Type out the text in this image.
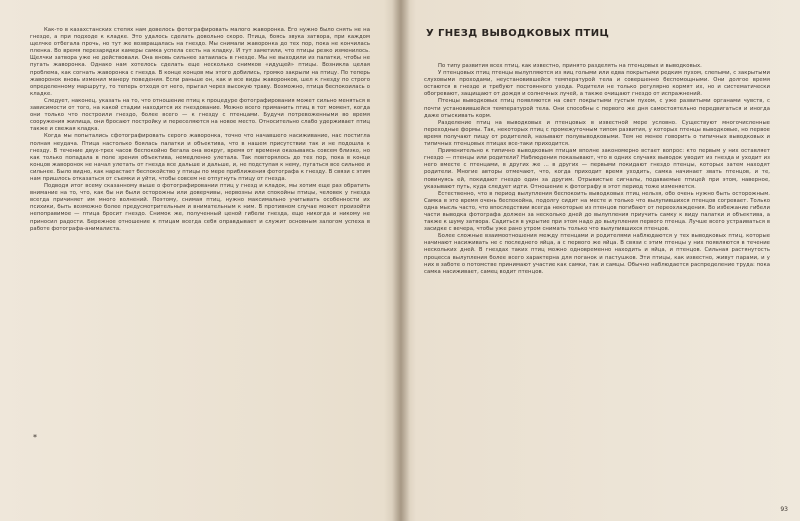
Как-то в казахстанских степях нам довелось фотографировать малого жаворонка. Его нужно было снять не на гнезде, а при подходе к кладке. Это удалось сделать довольно скоро. Птица, боясь звука затвора, при каждом щелчке отбегала прочь, но тут же возвращалась на гнездо. Мы снимали жаворонка до тех пор, пока не кончилась пленка. Во время перезарядки камеры самка успела сесть на кладку. И тут заметили, что птицы резко изменилось. Щелчки затвора уже не действовали. Она вновь сильнее затаилась в гнезде. Мы не выходили из палатки, чтобы не пугать жаворонка. Однако нам хотелось сделать еще несколько снимков «идущей» птицы. Возникла целая проблема, как согнать жаворонка с гнезда. В конце концов мы этого добились, громко закрыли на птицу. По теперь жаворонок вновь изменил манеру поведения. Если раньше он, как и все виды жаворонков, шел к гнезду по строго определенному маршруту, то теперь отходя от него, прыгал через высокую траву. Возможно, птица беспокоилась о кладке.

Следует, наконец, указать на то, что отношение птиц к процедуре фотографирования может сильно меняться в зависимости от того, на какой стадии находится их гнездование. Можно всего приманить птиц в тот момент, когда они только что построили гнездо, более всего — к гнезду с птенцами. Будучи потревоженными во время сооружения жилища, они бросают постройку и переселяются на новое место. Относительно слабо удерживает птиц также и свежая кладка.

Когда мы попытались сфотографировать серого жаворонка, точно что начавшего насиживание, нас постигла полная неудача. Птица настолько боялась палатки и объектива, что в нашем присутствии так и не подошла к гнезду. В течение двух-трех часов беспокойно бегала она вокруг, время от времени оказываясь совсем близко, но как только попадала в поле зрения объектива, немедленно улетала. Так повторялось до тех пор, пока в конце концов жаворонок не начал улетать от гнезда все дальше и дальше, и, не подступая к нему, пугаться все сильнее и сильнее. Было видно, как нарастает беспокойство у птицы по мере приближения фотографа к гнезду. В связи с этим нам пришлось отказаться от съемки и уйти, чтобы совсем не отпугнуть птицу от гнезда.

Подводя итог всему сказанному выше о фотографировании птиц у гнезд и кладок, мы хотим еще раз обратить внимание на то, что, как бы ни были осторожны или доверчивы, нервозны или спокойны птицы, человек у гнезда всегда причиняет им много волнений. Поэтому, снимая птиц, нужно максимально учитывать особенности их психики, быть возможно более предусмотрительным и внимательным к ним. В противном случае может произойти непоправимое — птица бросит гнездо. Снимок же, полученный ценой гибели гнезда, еще никогда и никому не приносил радости. Бережное отношение к птицам всегда себя оправдывает и служит основным залогом успеха в работе фотографа-анималиста.

*
У ГНЕЗД ВЫВОДКОВЫХ ПТИЦ

По типу развития всех птиц, как известно, принято разделять на птенцовых и выводковых.

У птенцовых птиц птенцы вылупляются из яиц голыми или едва покрытыми редким пухом, слепыми, с закрытыми слуховыми проходами, неустановившейся температурой тела и совершенно беспомощными. Они долгое время остаются в гнезде и требуют постоянного ухода. Родители не только регулярно кормят их, но и систематически обогревают, защищают от дождя и солнечных лучей, а также очищают гнездо от испражнений.

Птенцы выводковых птиц появляются на свет покрытыми густым пухом, с уже развитыми органами чувств, с почти установившейся температурой тела. Они способны с первого же дня самостоятельно передвигаться и иногда даже отыскивать корм.

Разделение птиц на выводковых и птенцовых в известной мере условно. Существуют многочисленные переходные формы. Так, некоторых птиц с промежуточным типом развития, у которых птенцы выводковые, но первое время получают пищу от родителей, называют полувыводковыми. Тем не менее говорить о типичных выводковых и типичных птенцовых птицах все-таки приходится.

Применительно к типично выводковым птицам вполне закономерно встает вопрос: кто первым у них оставляет гнездо — птенцы или родители? Наблюдения показывают, что в одних случаях выводок уводит из гнезда и уходит из него вместе с птенцами, в других же ... в других — первыми покидают гнездо птенцы, которых затем находят родители. Многие авторы отмечают, что, когда приходит время уходить, самка начинает звать птенцов, и те, повинуясь ей, покидают гнездо один за другим. Отрывистые сигналы, подаваемые птицей при этом, наверное, указывают путь, куда следует идти. Отношение к фотографу в этот период тоже изменяется.

Естественно, что в период вылупления беспокоить выводковых птиц нельзя, обо очень нужно быть осторожным. Самка в это время очень беспокойна, подолгу сидит на месте и только что вылупившихся птенцов согревает. Только одна мысль часто, что впоследствии всегда некоторые из птенцов погибают от переохлаждения. Во избежание гибели части выводка фотографа должен за несколько дней до вылупления приучить самку к виду палатки и объектива, а также к шуму затвора. Садиться в укрытие при этом надо до вылупления первого птенца. Лучше всего устраиваться в засидке с вечера, чтобы уже рано утром снимать только что вылупившихся птенцов.

Более сложные взаимоотношения между птенцами и родителями наблюдаются у тех выводковых птиц, которые начинают насиживать не с последнего яйца, а с первого же яйца. В связи с этим птенцы у них появляются в течение нескольких дней. В гнездах таких птиц можно одновременно находить и яйца, и птенцов. Сильная растянутость процесса вылупления более всего характерна для поганок и пастушков. Эти птицы, как известно, живут парами, и у них в заботе о потомстве принимают участие как самки, так и самцы. Обычно наблюдается распределение труда: пока самка насиживает, самец водит птенцов.

93
